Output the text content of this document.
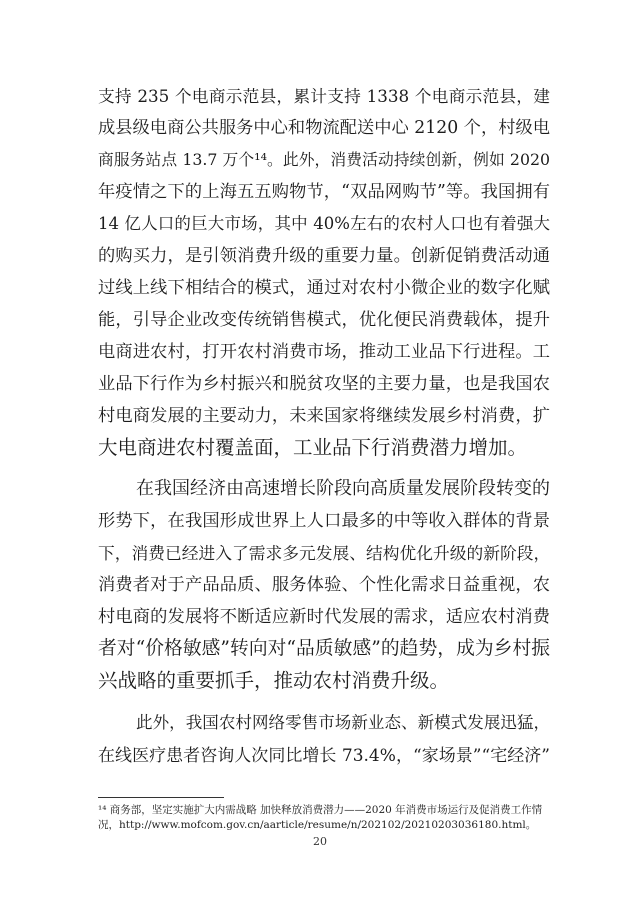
支持 235 个电商示范县，累计支持 1338 个电商示范县，建
成县级电商公共服务中心和物流配送中心 2120 个，村级电
商服务站点 13.7 万个¹⁴。此外，消费活动持续创新，例如 2020
年疫情之下的上海五五购物节，“双品网购节”等。我国拥有
14 亿人口的巨大市场，其中 40%左右的农村人口也有着强大
的购买力，是引领消费升级的重要力量。创新促销费活动通
过线上线下相结合的模式，通过对农村小微企业的数字化赋
能，引导企业改变传统销售模式，优化便民消费载体，提升
电商进农村，打开农村消费市场，推动工业品下行进程。工
业品下行作为乡村振兴和脱贫攻坚的主要力量，也是我国农
村电商发展的主要动力，未来国家将继续发展乡村消费，扩
大电商进农村覆盖面，工业品下行消费潜力增加。
在我国经济由高速增长阶段向高质量发展阶段转变的
形势下，在我国形成世界上人口最多的中等收入群体的背景
下，消费已经进入了需求多元发展、结构优化升级的新阶段，
消费者对于产品品质、服务体验、个性化需求日益重视，农
村电商的发展将不断适应新时代发展的需求，适应农村消费
者对“价格敏感”转向对“品质敏感”的趋势，成为乡村振
兴战略的重要抓手，推动农村消费升级。
此外，我国农村网络零售市场新业态、新模式发展迅猛，
在线医疗患者咨询人次同比增长 73.4%，“家场景”“宅经济”
¹⁴ 商务部，坚定实施扩大内需战略 加快释放消费潜力——2020 年消费市场运行及促消费工作情
况，http://www.mofcom.gov.cn/aarticle/resume/n/202102/20210203036180.html。
20
